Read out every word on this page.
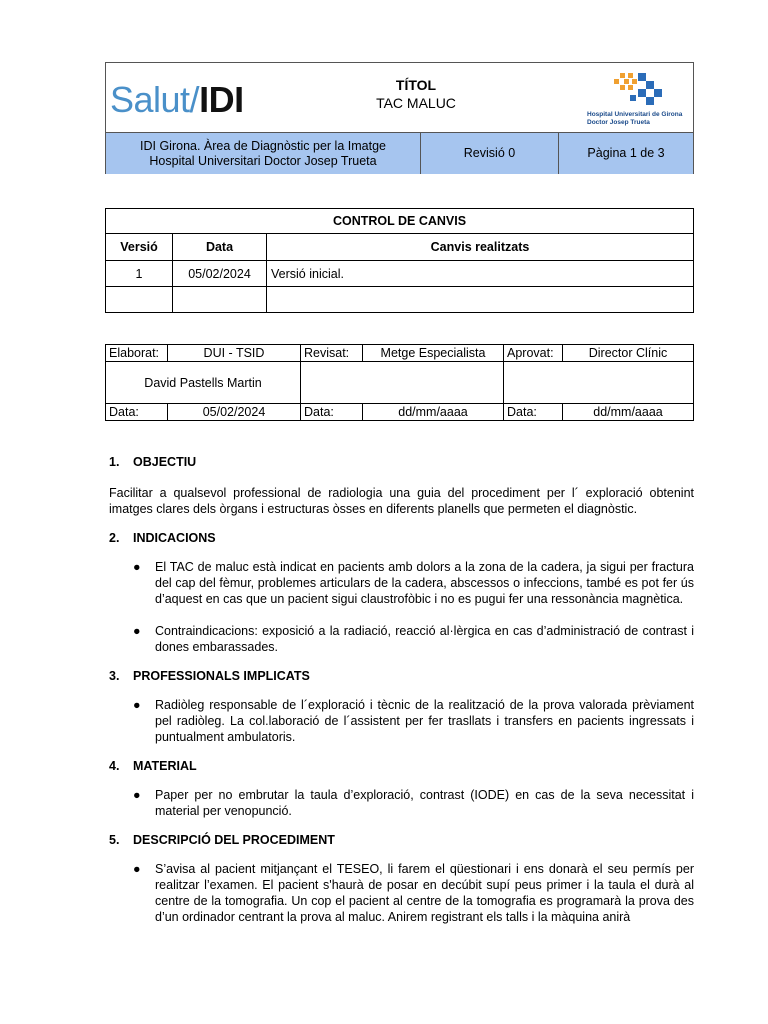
Salut/IDI	TÍTOL
TAC MALUC
Hospital Universitari de Girona
Doctor Josep Trueta
IDI Girona. Àrea de Diagnòstic per la Imatge
Hospital Universitari Doctor Josep Trueta
Revisió 0	Pàgina 1 de 3
CONTROL DE CANVIS		
Versió	Data	Canvis realitzats
1	05/02/2024	Versió inicial.

Elaborat:	DUI - TSID	Revisat:	Metge Especialista	Aprovat:	Director Clínic
David Pastells Martin					
Data:	05/02/2024	Data:	dd/mm/aaaa	Data:	dd/mm/aaaa

1. OBJECTIU

Facilitar a qualsevol professional de radiologia una guia del procediment per l´ exploració obtenint imatges clares dels òrgans i estructuras òsses en diferents planells que permeten el diagnòstic.

2. INDICACIONS

● El TAC de maluc està indicat en pacients amb dolors a la zona de la cadera, ja sigui per fractura del cap del fèmur, problemes articulars de la cadera, abscessos o infeccions, també es pot fer ús d’aquest en cas que un pacient sigui claustrofòbic i no es pugui fer una ressonància magnètica.

● Contraindicacions: exposició a la radiació, reacció al·lèrgica en cas d’administració de contrast i dones embarassades.

3. PROFESSIONALS IMPLICATS

● Radiòleg responsable de l´exploració i tècnic de la realització de la prova valorada prèviament pel radiòleg. La col.laboració de l´assistent per fer trasllats i transfers en pacients ingressats i puntualment ambulatoris.

4. MATERIAL

● Paper per no embrutar la taula d’exploració, contrast (IODE) en cas de la seva necessitat i material per venopunció.

5. DESCRIPCIÓ DEL PROCEDIMENT

● S’avisa al pacient mitjançant el TESEO, li farem el qüestionari i ens donarà el seu permís per realitzar l’examen. El pacient s'haurà de posar en decúbit supí peus primer i la taula el durà al centre de la tomografia. Un cop el pacient al centre de la tomografia es programarà la prova des d’un ordinador centrant la prova al maluc. Anirem registrant els talls i la màquina anirà
